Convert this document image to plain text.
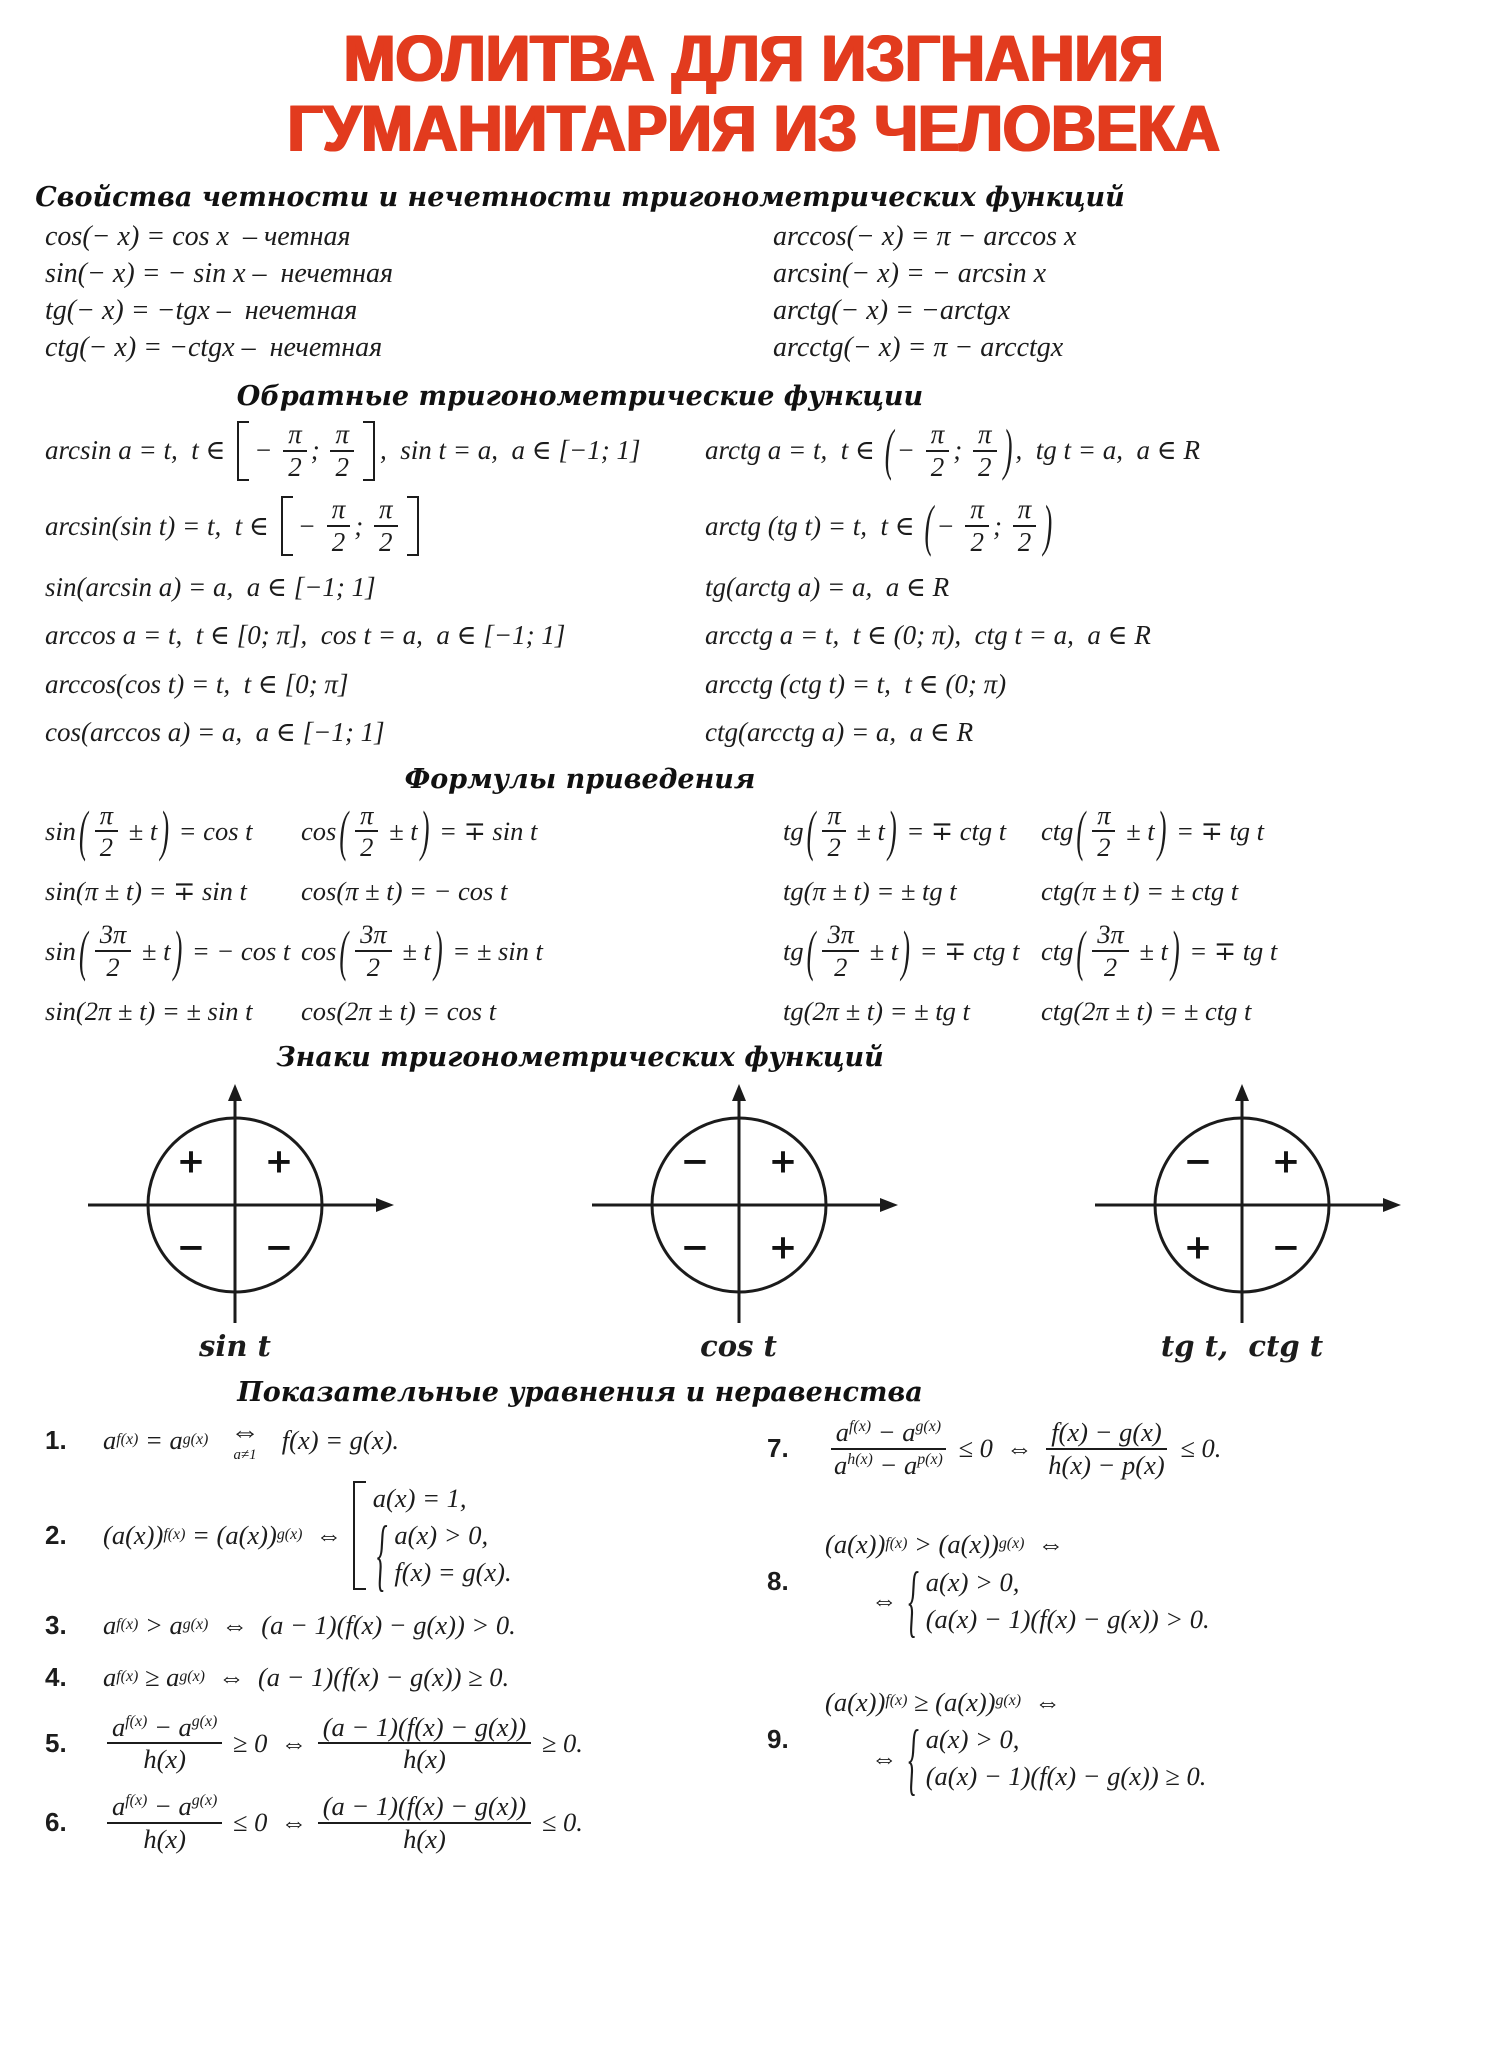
МОЛИТВА ДЛЯ ИЗГНАНИЯ
ГУМАНИТАРИЯ ИЗ ЧЕЛОВЕКА
Свойства четности и нечетности тригонометрических функций
cos(− x) = cos x  – четная
sin(− x) = − sin x –  нечетная
tg(− x) = −tgx –  нечетная
ctg(− x) = −ctgx –  нечетная
arccos(− x) = π − arccos x
arcsin(− x) = − arcsin x
arctg(− x) = −arctgx
arcctg(− x) = π − arcctgx
Обратные тригонометрические функции
arcsin a = t,  t ∈ − $\frac{\pi}{2}$ ; $\frac{\pi}{2}$ ,  sin t = a,  a ∈ [−1; 1]
arcsin(sin t) = t,  t ∈ − $\frac{\pi}{2}$ ; $\frac{\pi}{2}$
sin(arcsin a) = a,  a ∈ [−1; 1]
arccos a = t,  t ∈ [0; π],  cos t = a,  a ∈ [−1; 1]
arccos(cos t) = t,  t ∈ [0; π]
cos(arccos a) = a,  a ∈ [−1; 1]
arctg a = t,  t ∈ ( − $\frac{\pi}{2}$ ; $\frac{\pi}{2}$ ) ,  tg t = a,  a ∈ R
arctg (tg t) = t,  t ∈ ( − $\frac{\pi}{2}$ ; $\frac{\pi}{2}$ )
tg(arctg a) = a,  a ∈ R
arcctg a = t,  t ∈ (0; π),  ctg t = a,  a ∈ R
arcctg (ctg t) = t,  t ∈ (0; π)
ctg(arcctg a) = a,  a ∈ R
Формулы приведения
sin ( $\frac{\pi}{2} \pm t$ ) = cos t cos ( $\frac{\pi}{2} \pm t$ ) = ∓ sin t	tg ( $\frac{\pi}{2} \pm t$ ) = ∓ ctg t ctg ( $\frac{\pi}{2} \pm t$ ) = ∓ tg t
sin(π ± t) = ∓ sin t cos(π ± t) = − cos t	tg(π ± t) = ± tg t	ctg(π ± t) = ± ctg t
sin ( $\frac{3\pi}{2} \pm t$ ) = − cos t cos ( $\frac{3\pi}{2} \pm t$ ) = ± sin t	tg ( $\frac{3\pi}{2} \pm t$ ) = ∓ ctg t ctg ( $\frac{3\pi}{2} \pm t$ ) = ∓ tg t
sin(2π ± t) = ± sin t cos(2π ± t) = cos t	tg(2π ± t) = ± tg t	ctg(2π ± t) = ± ctg t
Знаки тригонометрических функций
+ +
− −
sin t
− +
− +
cos t
− +
+ −
tg t,  ctg t
Показательные уравнения и неравенства
1.	a f(x) = a g(x)
⇔
a≠1 f(x) = g(x).
2.	(a(x)) f(x) = (a(x)) g(x) ⇔
a(x) = 1,
{ a(x) > 0,
f(x) = g(x).
3.	a f(x) > a g(x) ⇔  (a − 1)(f(x) − g(x)) > 0.
4.	a f(x) ≥ a g(x) ⇔  (a − 1)(f(x) − g(x)) ≥ 0.
5.	$\frac{a^{f(x)} - a^{g(x)}}{h(x)} \ge 0$  ⇔ $\frac{(a - 1)(f(x) - g(x))}{h(x)} \ge 0$.
6.	$\frac{a^{f(x)} - a^{g(x)}}{h(x)} \le 0$  ⇔ $\frac{(a - 1)(f(x) - g(x))}{h(x)} \le 0$.
7.	$\frac{a^{f(x)} - a^{g(x)}}{a^{h(x)} - a^{p(x)}} \le 0$  ⇔ $\frac{f(x) - g(x)}{h(x) - p(x)} \le 0$.
8.
(a(x)) f(x) > (a(x)) g(x) ⇔
⇔ { a(x) > 0,
(a(x) − 1)(f(x) − g(x)) > 0.
9.
(a(x)) f(x) ≥ (a(x)) g(x) ⇔
⇔ { a(x) > 0,
(a(x) − 1)(f(x) − g(x)) ≥ 0.
